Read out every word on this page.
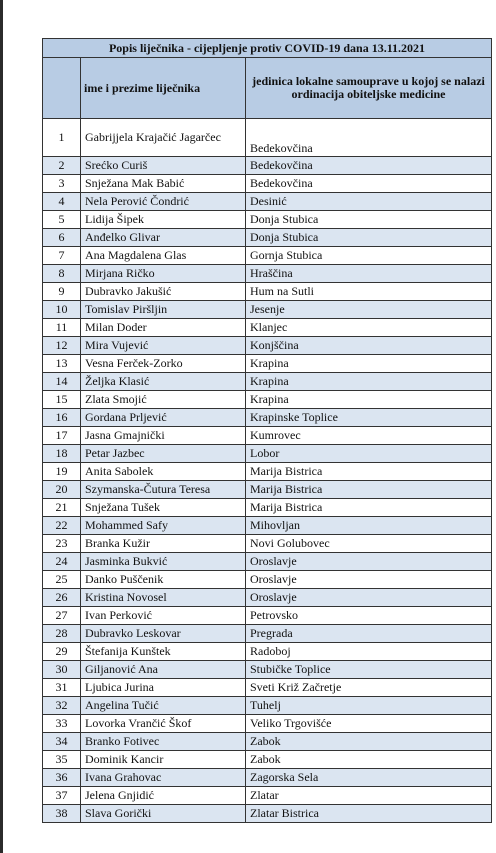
Popis liječnika - cijepljenje protiv COVID-19 dana 13.11.2021		
	ime i prezime liječnika	jedinica lokalne samouprave u kojoj se nalazi ordinacija obiteljske medicine
1	Gabrijjela Krajačić Jagarčec	Bedekovčina
2	Srećko Curiš	Bedekovčina
3	Snježana Mak Babić	Bedekovčina
4	Nela Perović Čondrić	Desinić
5	Lidija Šipek	Donja Stubica
6	Anđelko Glivar	Donja Stubica
7	Ana Magdalena Glas	Gornja Stubica
8	Mirjana Ričko	Hraščina
9	Dubravko Jakušić	Hum na Sutli
10	Tomislav Piršljin	Jesenje
11	Milan Doder	Klanjec
12	Mira Vujević	Konjščina
13	Vesna Ferček-Zorko	Krapina
14	Željka Klasić	Krapina
15	Zlata Smojić	Krapina
16	Gordana Prljević	Krapinske Toplice
17	Jasna Gmajnički	Kumrovec
18	Petar Jazbec	Lobor
19	Anita Sabolek	Marija Bistrica
20	Szymanska-Čutura Teresa	Marija Bistrica
21	Snježana Tušek	Marija Bistrica
22	Mohammed Safy	Mihovljan
23	Branka Kužir	Novi Golubovec
24	Jasminka Bukvić	Oroslavje
25	Danko Puščenik	Oroslavje
26	Kristina Novosel	Oroslavje
27	Ivan Perković	Petrovsko
28	Dubravko Leskovar	Pregrada
29	Štefanija Kunštek	Radoboj
30	Giljanović Ana	Stubičke Toplice
31	Ljubica Jurina	Sveti Križ Začretje
32	Angelina Tučić	Tuhelj
33	Lovorka Vrančić Škof	Veliko Trgovišće
34	Branko Fotivec	Zabok
35	Dominik Kancir	Zabok
36	Ivana Grahovac	Zagorska Sela
37	Jelena Gnjidić	Zlatar
38	Slava Gorički	Zlatar Bistrica
